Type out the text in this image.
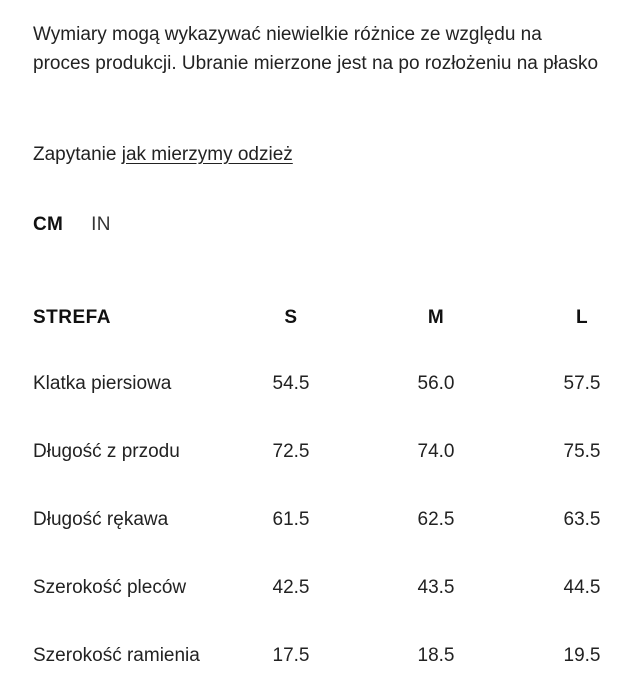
Wymiary mogą wykazywać niewielkie różnice ze względu na proces produkcji. Ubranie mierzone jest na po rozłożeniu na płasko

Zapytanie jak mierzymy odzież

CM IN
STREFA	S	M	L
Klatka piersiowa	54.5	56.0	57.5
Długość z przodu	72.5	74.0	75.5
Długość rękawa	61.5	62.5	63.5
Szerokość pleców	42.5	43.5	44.5
Szerokość ramienia	17.5	18.5	19.5
